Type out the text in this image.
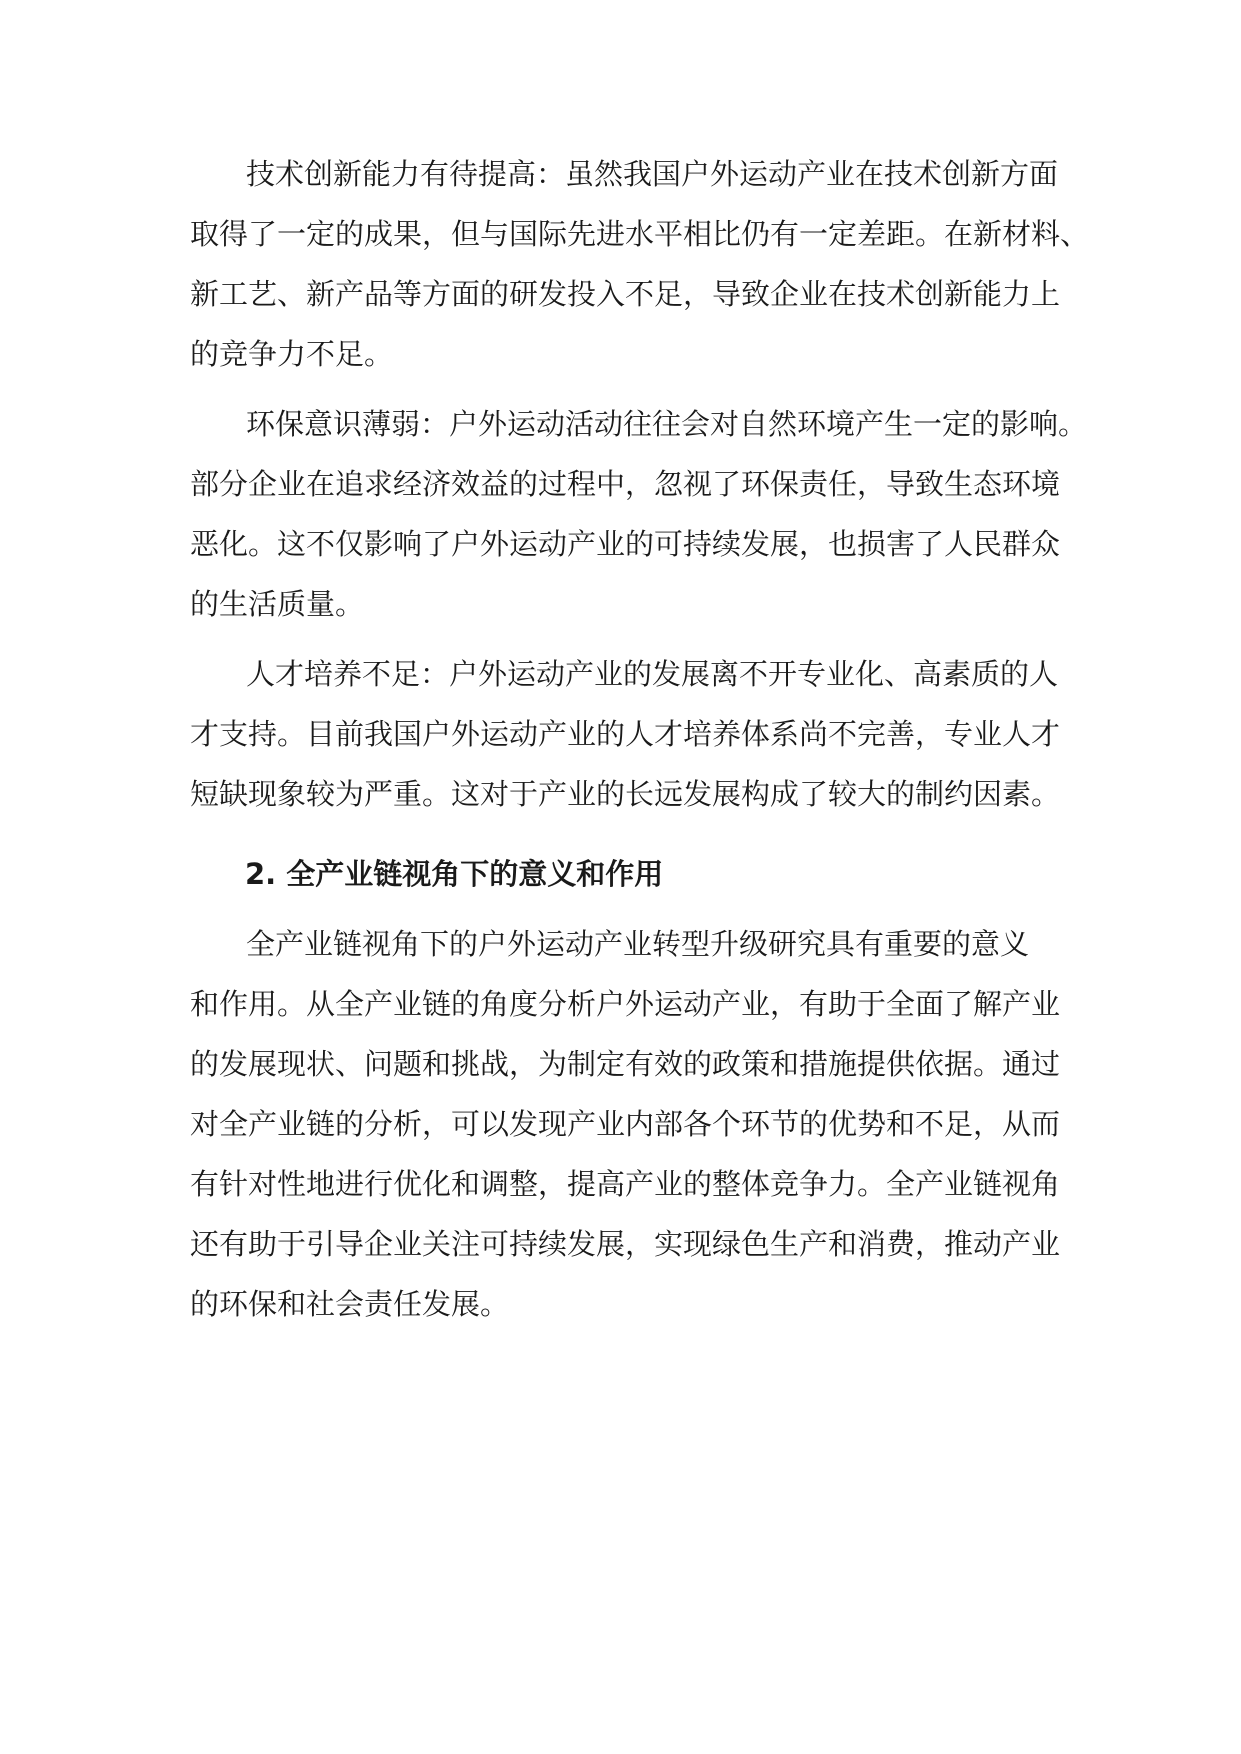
技术创新能力有待提高：虽然我国户外运动产业在技术创新方面
取得了一定的成果，但与国际先进水平相比仍有一定差距。在新材料、
新工艺、新产品等方面的研发投入不足，导致企业在技术创新能力上
的竞争力不足。
环保意识薄弱：户外运动活动往往会对自然环境产生一定的影响。
部分企业在追求经济效益的过程中，忽视了环保责任，导致生态环境
恶化。这不仅影响了户外运动产业的可持续发展，也损害了人民群众
的生活质量。
人才培养不足：户外运动产业的发展离不开专业化、高素质的人
才支持。目前我国户外运动产业的人才培养体系尚不完善，专业人才
短缺现象较为严重。这对于产业的长远发展构成了较大的制约因素。
2. 全产业链视角下的意义和作用
全产业链视角下的户外运动产业转型升级研究具有重要的意义
和作用。从全产业链的角度分析户外运动产业，有助于全面了解产业
的发展现状、问题和挑战，为制定有效的政策和措施提供依据。通过
对全产业链的分析，可以发现产业内部各个环节的优势和不足，从而
有针对性地进行优化和调整，提高产业的整体竞争力。全产业链视角
还有助于引导企业关注可持续发展，实现绿色生产和消费，推动产业
的环保和社会责任发展。
